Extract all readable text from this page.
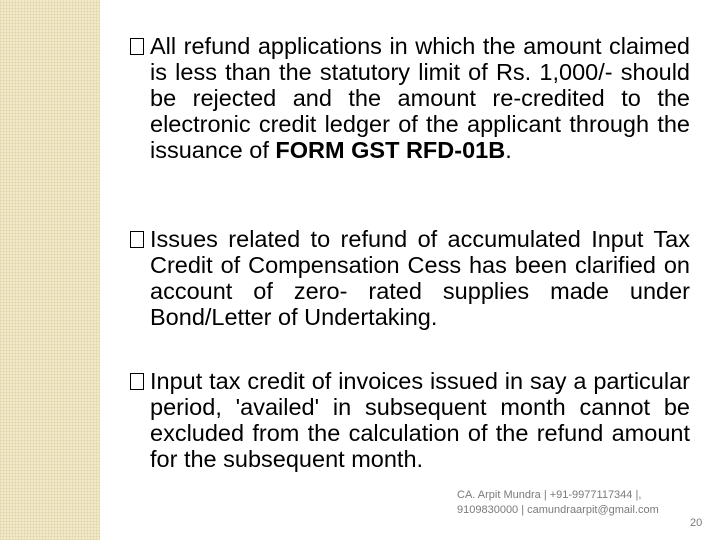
All refund applications in which the amount claimed is less than the statutory limit of Rs. 1,000/- should be rejected and the amount re-credited to the electronic credit ledger of the applicant through the issuance of FORM GST RFD-01B.
Issues related to refund of accumulated Input Tax Credit of Compensation Cess has been clarified on account of zero- rated supplies made under Bond/Letter of Undertaking.
Input tax credit of invoices issued in say a particular period, 'availed' in subsequent month cannot be excluded from the calculation of the refund amount for the subsequent month.
CA. Arpit Mundra | +91-9977117344 |, 9109830000 | camundraarpit@gmail.com
20
